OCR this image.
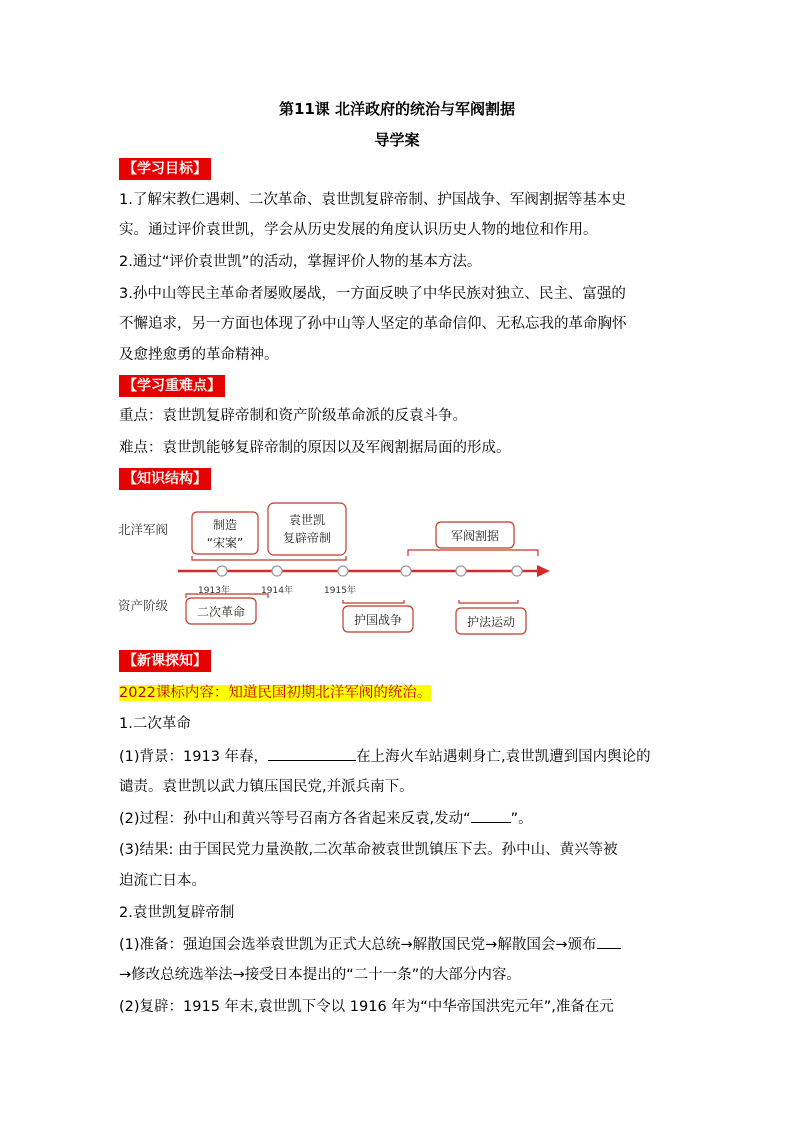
第11课 北洋政府的统治与军阀割据
导学案
【学习目标】
1.了解宋教仁遇刺、二次革命、袁世凯复辟帝制、护国战争、军阀割据等基本史
实。通过评价袁世凯，学会从历史发展的角度认识历史人物的地位和作用。
2.通过“评价袁世凯”的活动，掌握评价人物的基本方法。
3.孙中山等民主革命者屡败屡战，一方面反映了中华民族对独立、民主、富强的
不懈追求，另一方面也体现了孙中山等人坚定的革命信仰、无私忘我的革命胸怀
及愈挫愈勇的革命精神。
【学习重难点】
重点：袁世凯复辟帝制和资产阶级革命派的反袁斗争。
难点：袁世凯能够复辟帝制的原因以及军阀割据局面的形成。
【知识结构】
北洋军阀
资产阶级
制造
“宋案”
袁世凯
复辟帝制	军阀割据
1913年	1914年	1915年
二次革命
护国战争	护法运动
【新课探知】
2022课标内容：知道民国初期北洋军阀的统治。
1.二次革命
(1)背景：1913 年春，	在上海火车站遇刺身亡,袁世凯遭到国内舆论的
谴责。袁世凯以武力镇压国民党,并派兵南下。
(2)过程：孙中山和黄兴等号召南方各省起来反袁,发动“	”。
(3)结果: 由于国民党力量涣散,二次革命被袁世凯镇压下去。孙中山、黄兴等被
迫流亡日本。
2.袁世凯复辟帝制
(1)准备：强迫国会选举袁世凯为正式大总统→解散国民党→解散国会→颁布
→修改总统选举法→接受日本提出的“二十一条”的大部分内容。
(2)复辟：1915 年末,袁世凯下令以 1916 年为“中华帝国洪宪元年”,准备在元
